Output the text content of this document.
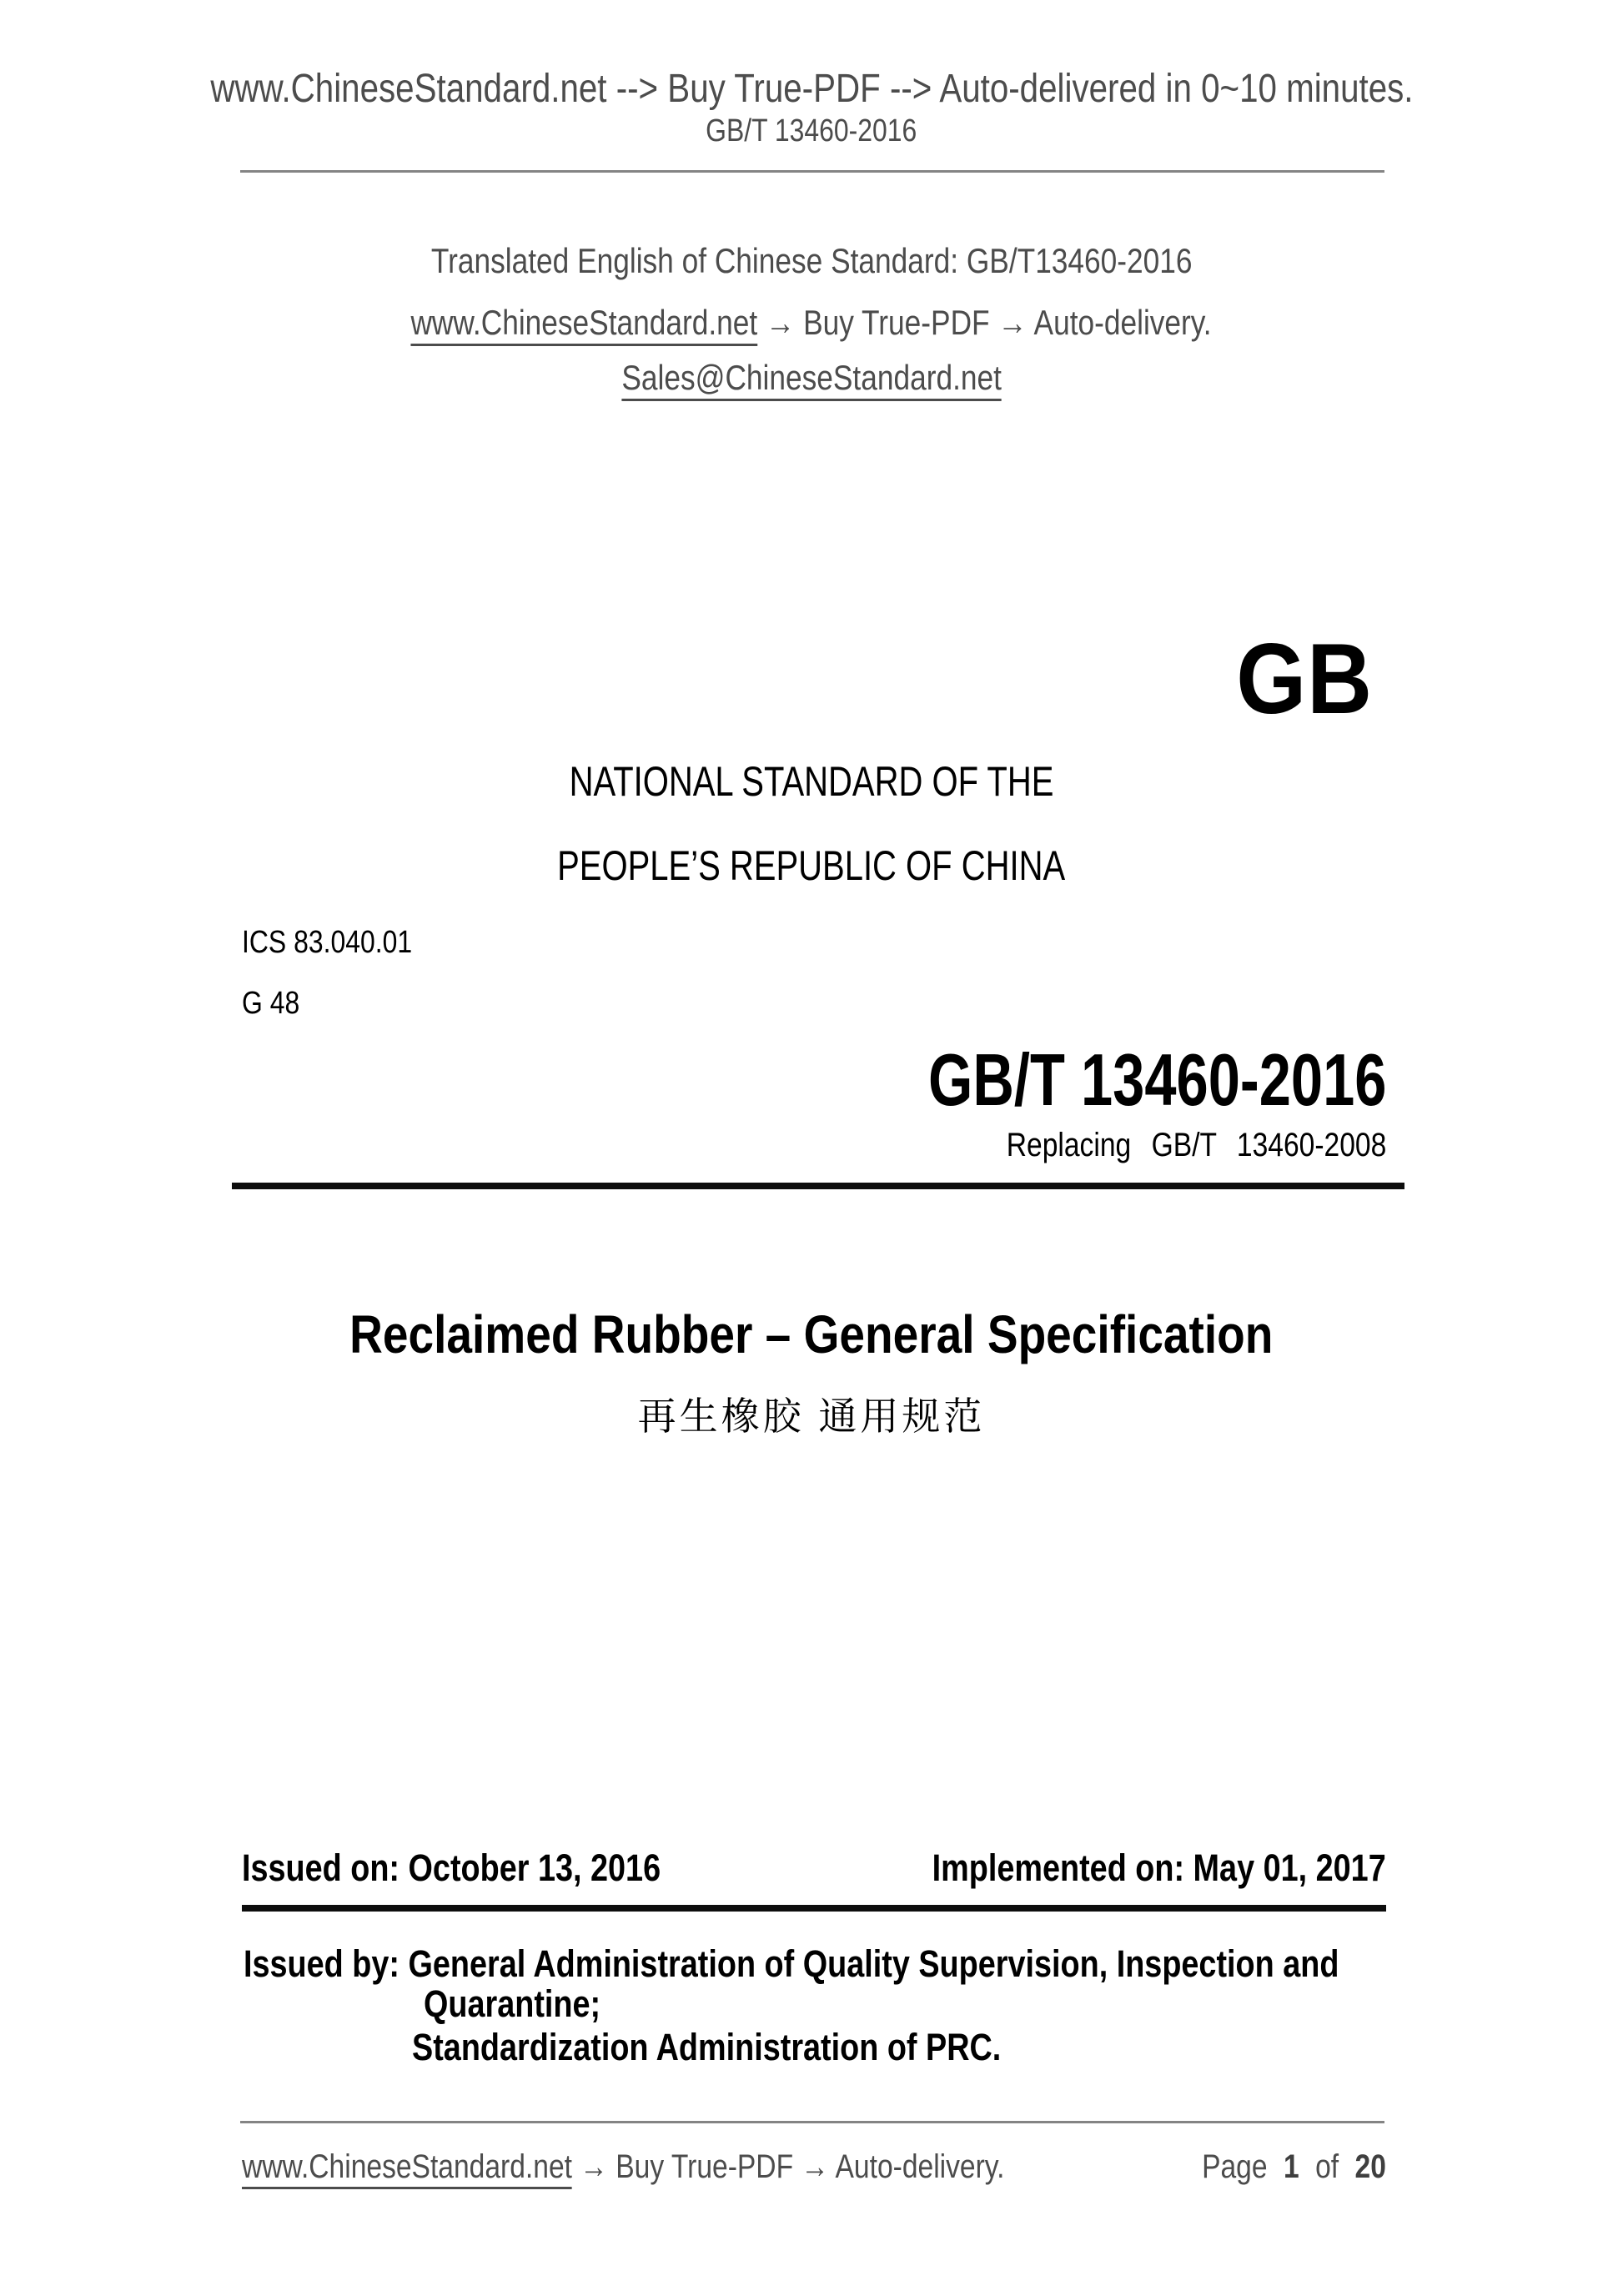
www.ChineseStandard.net --> Buy True-PDF --> Auto-delivered in 0~10 minutes.
GB/T 13460-2016
Translated English of Chinese Standard: GB/T13460-2016
www.ChineseStandard.net → Buy True-PDF → Auto-delivery.
Sales@ChineseStandard.net
GB
NATIONAL STANDARD OF THE
PEOPLE’S REPUBLIC OF CHINA
ICS 83.040.01
G 48
GB/T 13460-2016
Replacing GB/T 13460-2008
Reclaimed Rubber – General Specification
再生橡胶 通用规范
Issued on: October 13, 2016	Implemented on: May 01, 2017
Issued by: General Administration of Quality Supervision, Inspection and
Quarantine;
Standardization Administration of PRC.
www.ChineseStandard.net → Buy True-PDF → Auto-delivery.	Page 1 of 20
